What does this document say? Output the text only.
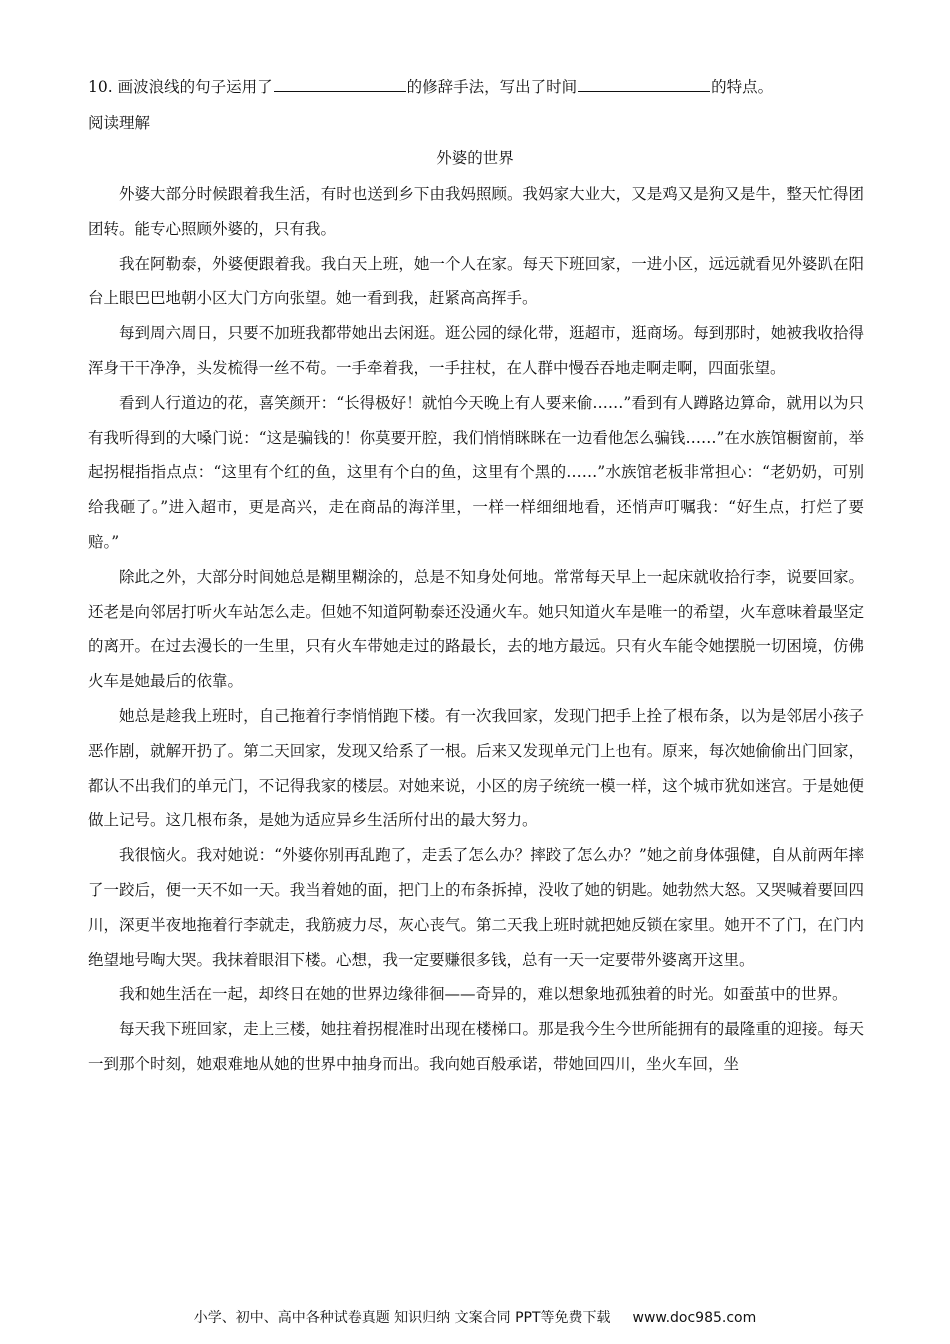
10. 画波浪线的句子运用了	的修辞手法，写出了时间	的特点。
阅读理解
外婆的世界

外婆大部分时候跟着我生活，有时也送到乡下由我妈照顾。我妈家大业大，又是鸡又是狗又是牛，整天忙得团团转。能专心照顾外婆的，只有我。

我在阿勒泰，外婆便跟着我。我白天上班，她一个人在家。每天下班回家，一进小区，远远就看见外婆趴在阳台上眼巴巴地朝小区大门方向张望。她一看到我，赶紧高高挥手。

每到周六周日，只要不加班我都带她出去闲逛。逛公园的绿化带，逛超市，逛商场。每到那时，她被我收拾得浑身干干净净，头发梳得一丝不苟。一手牵着我，一手拄杖，在人群中慢吞吞地走啊走啊，四面张望。

看到人行道边的花，喜笑颜开：“长得极好！就怕今天晚上有人要来偷……”看到有人蹲路边算命，就用以为只有我听得到的大嗓门说：“这是骗钱的！你莫要开腔，我们悄悄眯眯在一边看他怎么骗钱……”在水族馆橱窗前，举起拐棍指指点点：“这里有个红的鱼，这里有个白的鱼，这里有个黑的……”水族馆老板非常担心：“老奶奶，可别给我砸了。”进入超市，更是高兴，走在商品的海洋里，一样一样细细地看，还悄声叮嘱我：“好生点，打烂了要赔。”

除此之外，大部分时间她总是糊里糊涂的，总是不知身处何地。常常每天早上一起床就收拾行李，说要回家。还老是向邻居打听火车站怎么走。但她不知道阿勒泰还没通火车。她只知道火车是唯一的希望，火车意味着最坚定的离开。在过去漫长的一生里，只有火车带她走过的路最长，去的地方最远。只有火车能令她摆脱一切困境，仿佛火车是她最后的依靠。

她总是趁我上班时，自己拖着行李悄悄跑下楼。有一次我回家，发现门把手上拴了根布条，以为是邻居小孩子恶作剧，就解开扔了。第二天回家，发现又给系了一根。后来又发现单元门上也有。原来，每次她偷偷出门回家，都认不出我们的单元门，不记得我家的楼层。对她来说，小区的房子统统一模一样，这个城市犹如迷宫。于是她便做上记号。这几根布条，是她为适应异乡生活所付出的最大努力。

我很恼火。我对她说：“外婆你别再乱跑了，走丢了怎么办？摔跤了怎么办？”她之前身体强健，自从前两年摔了一跤后，便一天不如一天。我当着她的面，把门上的布条拆掉，没收了她的钥匙。她勃然大怒。又哭喊着要回四川，深更半夜地拖着行李就走，我筋疲力尽，灰心丧气。第二天我上班时就把她反锁在家里。她开不了门，在门内绝望地号啕大哭。我抹着眼泪下楼。心想，我一定要赚很多钱，总有一天一定要带外婆离开这里。

我和她生活在一起，却终日在她的世界边缘徘徊——奇异的，难以想象地孤独着的时光。如蚕茧中的世界。

每天我下班回家，走上三楼，她拄着拐棍准时出现在楼梯口。那是我今生今世所能拥有的最隆重的迎接。每天一到那个时刻，她艰难地从她的世界中抽身而出。我向她百般承诺，带她回四川，坐火车回，坐

小学、初中、高中各种试卷真题 知识归纳 文案合同 PPT等免费下载 www.doc985.com
